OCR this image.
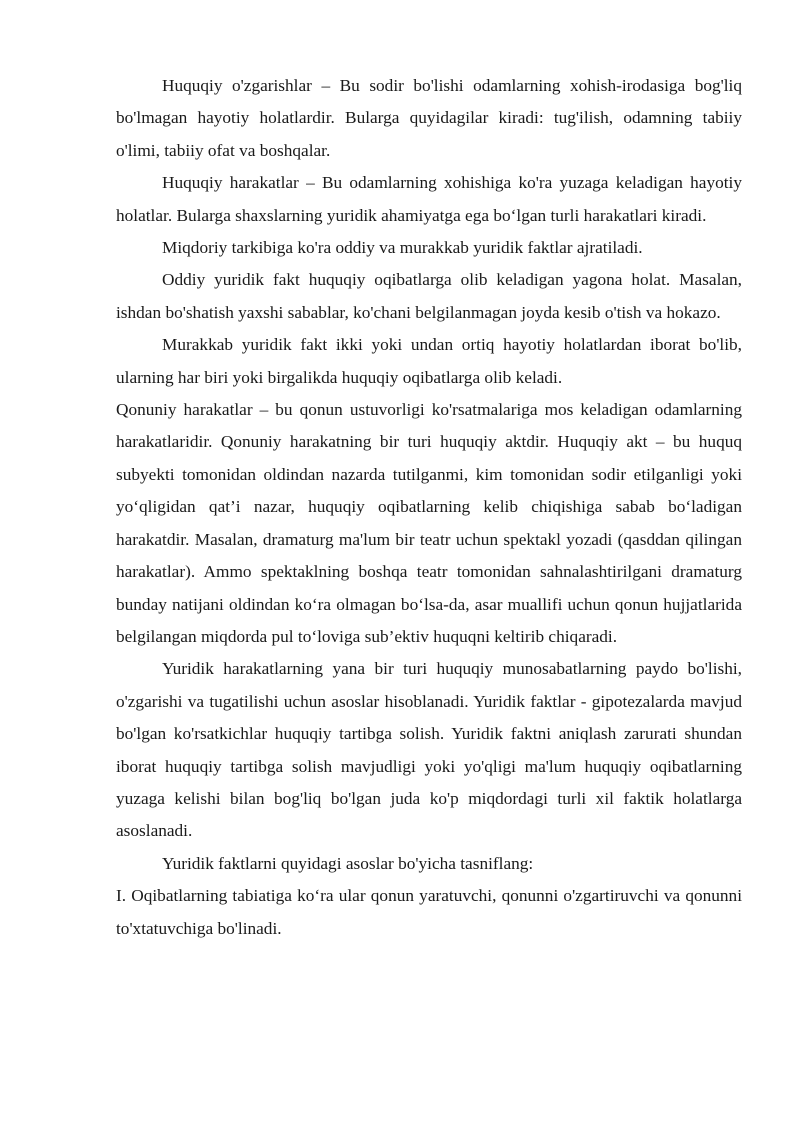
Huquqiy o'zgarishlar – Bu sodir bo'lishi odamlarning xohish-irodasiga bog'liq bo'lmagan hayotiy holatlardir. Bularga quyidagilar kiradi: tug'ilish, odamning tabiiy o'limi, tabiiy ofat va boshqalar.

Huquqiy harakatlar – Bu odamlarning xohishiga ko'ra yuzaga keladigan hayotiy holatlar. Bularga shaxslarning yuridik ahamiyatga ega bo‘lgan turli harakatlari kiradi.

Miqdoriy tarkibiga ko'ra oddiy va murakkab yuridik faktlar ajratiladi.

Oddiy yuridik fakt huquqiy oqibatlarga olib keladigan yagona holat. Masalan, ishdan bo'shatish yaxshi sabablar, ko'chani belgilanmagan joyda kesib o'tish va hokazo.

Murakkab yuridik fakt ikki yoki undan ortiq hayotiy holatlardan iborat bo'lib, ularning har biri yoki birgalikda huquqiy oqibatlarga olib keladi.

Qonuniy harakatlar – bu qonun ustuvorligi ko'rsatmalariga mos keladigan odamlarning harakatlaridir. Qonuniy harakatning bir turi huquqiy aktdir. Huquqiy akt – bu huquq subyekti tomonidan oldindan nazarda tutilganmi, kim tomonidan sodir etilganligi yoki yo‘qligidan qat’i nazar, huquqiy oqibatlarning kelib chiqishiga sabab bo‘ladigan harakatdir. Masalan, dramaturg ma'lum bir teatr uchun spektakl yozadi (qasddan qilingan harakatlar). Ammo spektaklning boshqa teatr tomonidan sahnalashtirilgani dramaturg bunday natijani oldindan ko‘ra olmagan bo‘lsa-da, asar muallifi uchun qonun hujjatlarida belgilangan miqdorda pul to‘loviga sub’ektiv huquqni keltirib chiqaradi.

Yuridik harakatlarning yana bir turi huquqiy munosabatlarning paydo bo'lishi, o'zgarishi va tugatilishi uchun asoslar hisoblanadi. Yuridik faktlar - gipotezalarda mavjud bo'lgan ko'rsatkichlar huquqiy tartibga solish. Yuridik faktni aniqlash zarurati shundan iborat huquqiy tartibga solish mavjudligi yoki yo'qligi ma'lum huquqiy oqibatlarning yuzaga kelishi bilan bog'liq bo'lgan juda ko'p miqdordagi turli xil faktik holatlarga asoslanadi.

Yuridik faktlarni quyidagi asoslar bo'yicha tasniflang:

I. Oqibatlarning tabiatiga ko‘ra ular qonun yaratuvchi, qonunni o'zgartiruvchi va qonunni to'xtatuvchiga bo'linadi.
